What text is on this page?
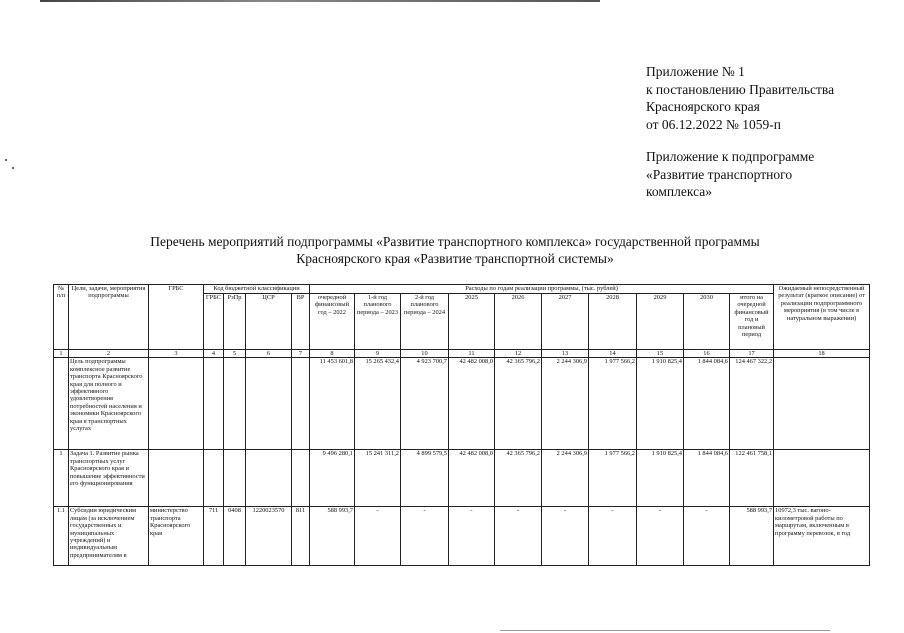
Приложение № 1
к постановлению Правительства
Красноярского края
от 06.12.2022 № 1059-п
Приложение к подпрограмме
«Развитие транспортного
комплекса»
Перечень мероприятий подпрограммы «Развитие транспортного комплекса» государственной программы
Красноярского края «Развитие транспортной системы»
№ п/п	Цели, задачи, мероприятия подпрограммы	ГРБС	Код бюджетной классификации				Расходы по годам реализации программы, (тыс. рублей)										Ожидаемый непосредственный результат (краткое описание) от реализации подпрограммного мероприятия (в том числе в натуральном выражении)
			ГРБС	РзПр	ЦСР	ВР	очередной финансовый год – 2022	1-й год планового периода – 2023	2-й год планового периода – 2024	2025	2026	2027	2028	2029	2030	итого на очередной финансовый год и плановый период	
1	2	3	4	5	6	7	8	9	10	11	12	13	14	15	16	17	18
	Цель подпрограммы комплексное развитие транспорта Красноярского края для полного и эффективного удовлетворения потребностей населения и экономики Красноярского края в транспортных услугах						11 453 601,8	15 265 432,4	4 923 700,7	42 482 008,0	42 365 796,2	2 244 306,9	1 977 566,2	1 910 825,4	1 844 084,6	124 467 322,2	
1	Задача 1. Развитие рынка транспортных услуг Красноярского края и повышение эффективности его функционирования						9 496 280,1	15 241 311,2	4 899 579,5	42 482 008,0	42 365 796,2	2 244 306,9	1 977 566,2	1 910 825,4	1 844 084,6	122 461 758,1	
1.1	Субсидии юридическим лицам (за исключением государственных и муниципальных учреждений) и индивидуальным предпринимателям в	министерство транспорта Красноярского края	711	0408	1220023570	811	588 993,7	-	-	-	-	-	-	-	-	588 993,7	10972,3 тыс. вагоно-километровой работы по маршрутам, включенным в программу перевозок, в год
